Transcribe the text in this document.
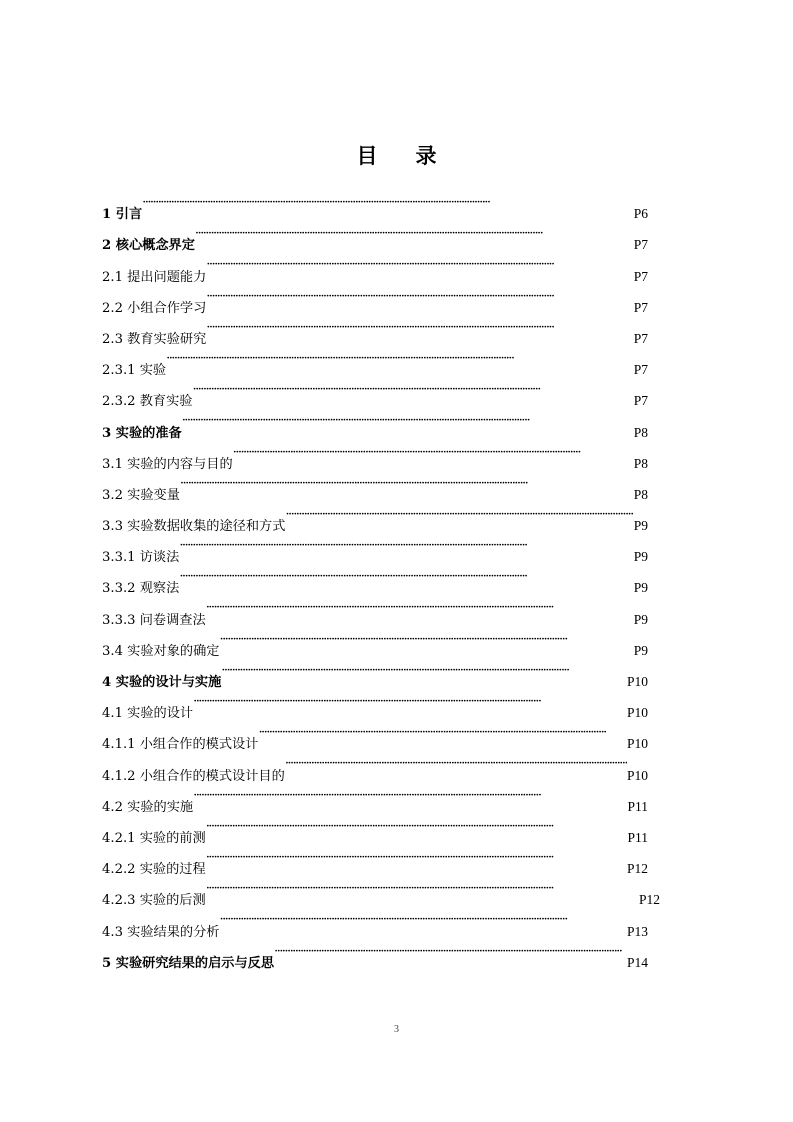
目 录
1 引言 ·····	P6
2 核心概念界定 ·····	P7
2.1 提出问题能力 ·····	P7
2.2 小组合作学习 ·····	P7
2.3 教育实验研究 ·····	P7
2.3.1 实验 ·····	P7
2.3.2 教育实验 ·····	P7
3 实验的准备 ·····	P8
3.1 实验的内容与目的 ·····	P8
3.2 实验变量 ·····	P8
3.3 实验数据收集的途径和方式 ·····	P9
3.3.1 访谈法 ·····	P9
3.3.2 观察法 ·····	P9
3.3.3 问卷调查法 ·····	P9
3.4 实验对象的确定 ·····	P9
4 实验的设计与实施 ·····	P10
4.1 实验的设计 ·····	P10
4.1.1 小组合作的模式设计 ·····	P10
4.1.2 小组合作的模式设计目的 ·····	P10
4.2 实验的实施 ·····	P11
4.2.1 实验的前测 ·····	P11
4.2.2 实验的过程 ·····	P12
4.2.3 实验的后测 ·····	P12
4.3 实验结果的分析 ·····	P13
5 实验研究结果的启示与反思 ·····	P14
3
